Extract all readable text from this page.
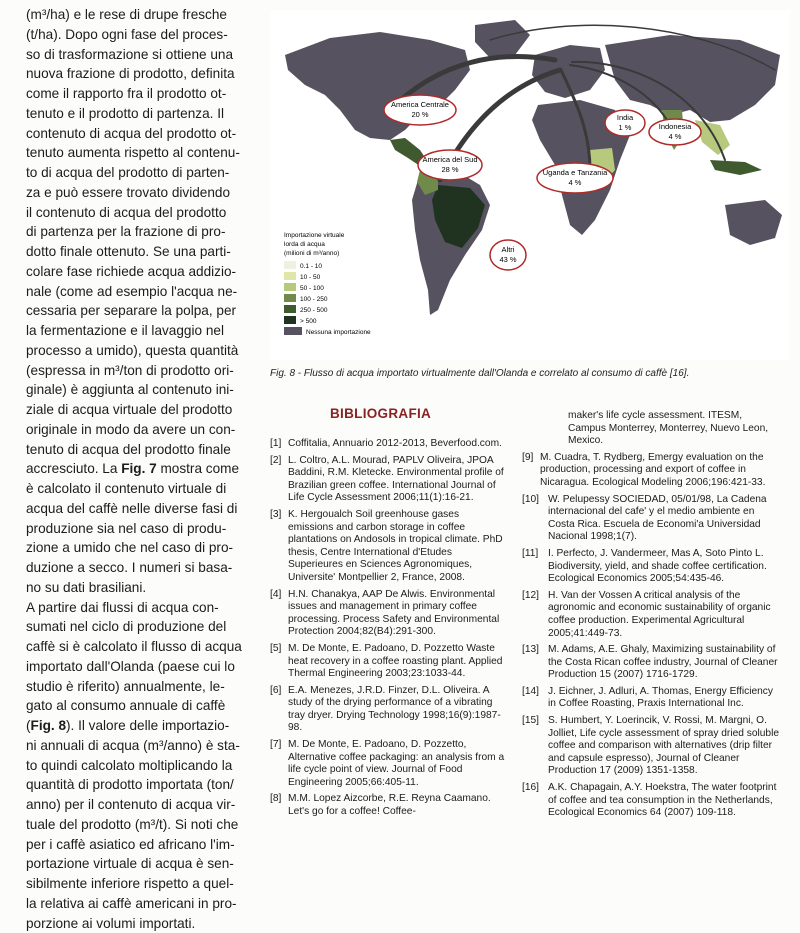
(m³/ha) e le rese di drupe fresche
(t/ha). Dopo ogni fase del proces-
so di trasformazione si ottiene una
nuova frazione di prodotto, definita
come il rapporto fra il prodotto ot-
tenuto e il prodotto di partenza. Il
contenuto di acqua del prodotto ot-
tenuto aumenta rispetto al contenu-
to di acqua del prodotto di parten-
za e può essere trovato dividendo
il contenuto di acqua del prodotto
di partenza per la frazione di pro-
dotto finale ottenuto. Se una parti-
colare fase richiede acqua addizio-
nale (come ad esempio l'acqua ne-
cessaria per separare la polpa, per
la fermentazione e il lavaggio nel
processo a umido), questa quantità
(espressa in m³/ton di prodotto ori-
ginale) è aggiunta al contenuto ini-
ziale di acqua virtuale del prodotto
originale in modo da avere un con-
tenuto di acqua del prodotto finale
accresciuto. La Fig. 7 mostra come
è calcolato il contenuto virtuale di
acqua del caffè nelle diverse fasi di
produzione sia nel caso di produ-
zione a umido che nel caso di pro-
duzione a secco. I numeri si basa-
no su dati brasiliani.
A partire dai flussi di acqua con-
sumati nel ciclo di produzione del
caffè si è calcolato il flusso di acqua
importato dall'Olanda (paese cui lo
studio è riferito) annualmente, le-
gato al consumo annuale di caffè
(Fig. 8). Il valore delle importazio-
ni annuali di acqua (m³/anno) è sta-
to quindi calcolato moltiplicando la
quantità di prodotto importata (ton/
anno) per il contenuto di acqua vir-
tuale del prodotto (m³/t). Si noti che
per i caffè asiatico ed africano l'im-
portazione virtuale di acqua è sen-
sibilmente inferiore rispetto a quel-
la relativa ai caffè americani in pro-
porzione ai volumi importati.
America Centrale
20 %
America del Sud
28 %	Uganda e Tanzania
4 %
India
1 %	Indonesia
4 %
Altri
43 %
Importazione virtuale
lorda di acqua
(milioni di m³/anno)
0.1 - 10
10 - 50
50 - 100
100 - 250
250 - 500
> 500
Nessuna importazione
Fig. 8 - Flusso di acqua importato virtualmente dall'Olanda e correlato al consumo di caffè [16].
BIBLIOGRAFIA
[1] Coffitalia, Annuario 2012-2013, Beverfood.com.
[2] L. Coltro, A.L. Mourad, PAPLV Oliveira, JPOA Baddini, R.M. Kletecke. Environmental profile of Brazilian green coffee. International Journal of Life Cycle Assessment 2006;11(1):16-21.
[3] K. Hergoualch Soil greenhouse gases emissions and carbon storage in coffee plantations on Andosols in tropical climate. PhD thesis, Centre International d'Etudes Superieures en Sciences Agronomiques, Universite' Montpellier 2, France, 2008.
[4] H.N. Chanakya, AAP De Alwis. Environmental issues and management in primary coffee processing. Process Safety and Environmental Protection 2004;82(B4):291-300.
[5] M. De Monte, E. Padoano, D. Pozzetto Waste heat recovery in a coffee roasting plant. Applied Thermal Engineering 2003;23:1033-44.
[6] E.A. Menezes, J.R.D. Finzer, D.L. Oliveira. A study of the drying performance of a vibrating tray dryer. Drying Technology 1998;16(9):1987-98.
[7] M. De Monte, E. Padoano, D. Pozzetto, Alternative coffee packaging: an analysis from a life cycle point of view. Journal of Food Engineering 2005;66:405-11.
[8] M.M. Lopez Aizcorbe, R.E. Reyna Caamano. Let's go for a coffee! Coffee-
maker's life cycle assessment. ITESM, Campus Monterrey, Monterrey, Nuevo Leon, Mexico.
[9] M. Cuadra, T. Rydberg, Emergy evaluation on the production, processing and export of coffee in Nicaragua. Ecological Modeling 2006;196:421-33.
[10] W. Pelupessy SOCIEDAD, 05/01/98, La Cadena internacional del cafe' y el medio ambiente en Costa Rica. Escuela de Economi'a Universidad Nacional 1998;1(7).
[11] I. Perfecto, J. Vandermeer, Mas A, Soto Pinto L. Biodiversity, yield, and shade coffee certification. Ecological Economics 2005;54:435-46.
[12] H. Van der Vossen A critical analysis of the agronomic and economic sustainability of organic coffee production. Experimental Agricultural 2005;41:449-73.
[13] M. Adams, A.E. Ghaly, Maximizing sustainability of the Costa Rican coffee industry, Journal of Cleaner Production 15 (2007) 1716-1729.
[14] J. Eichner, J. Adluri, A. Thomas, Energy Efficiency in Coffee Roasting, Praxis International Inc.
[15] S. Humbert, Y. Loerincik, V. Rossi, M. Margni, O. Jolliet, Life cycle assessment of spray dried soluble coffee and comparison with alternatives (drip filter and capsule espresso), Journal of Cleaner Production 17 (2009) 1351-1358.
[16] A.K. Chapagain, A.Y. Hoekstra, The water footprint of coffee and tea consumption in the Netherlands, Ecological Economics 64 (2007) 109-118.
